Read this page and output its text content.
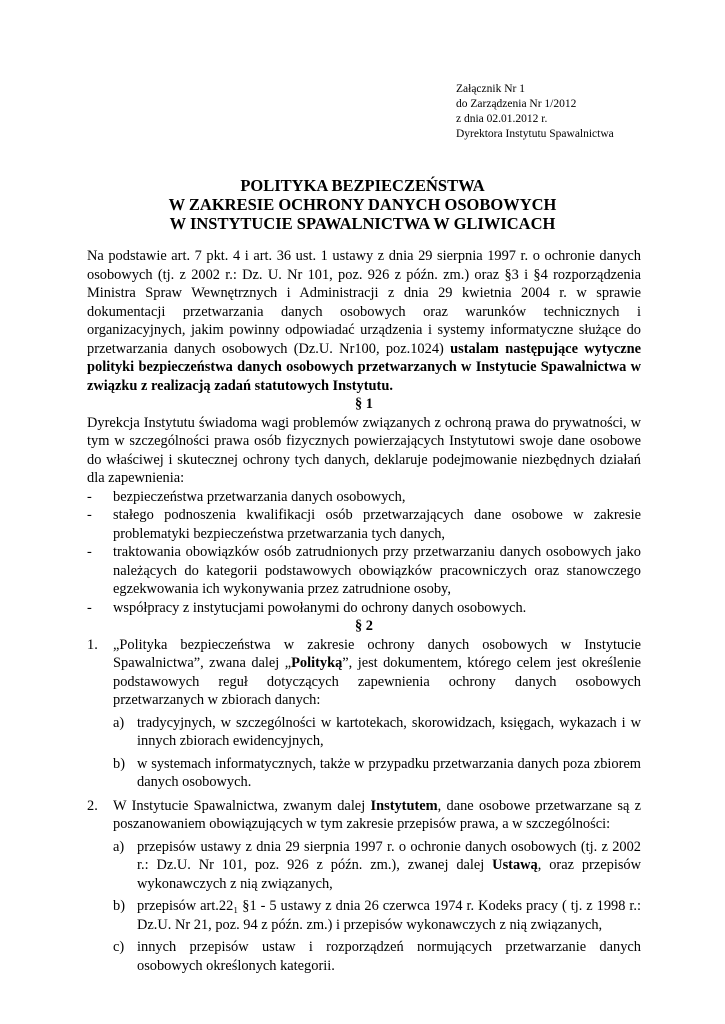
Załącznik Nr 1
do Zarządzenia Nr 1/2012
z dnia 02.01.2012 r.
Dyrektora Instytutu Spawalnictwa
POLITYKA BEZPIECZEŃSTWA
W ZAKRESIE OCHRONY DANYCH OSOBOWYCH
W INSTYTUCIE SPAWALNICTWA W GLIWICACH

Na podstawie art. 7 pkt. 4 i art. 36 ust. 1 ustawy z dnia 29 sierpnia 1997 r. o ochronie danych osobowych (tj. z 2002 r.: Dz. U. Nr 101, poz. 926 z późn. zm.) oraz §3 i §4 rozporządzenia Ministra Spraw Wewnętrznych i Administracji z dnia 29 kwietnia 2004 r. w sprawie dokumentacji przetwarzania danych osobowych oraz warunków technicznych i organizacyjnych, jakim powinny odpowiadać urządzenia i systemy informatyczne służące do przetwarzania danych osobowych (Dz.U. Nr100, poz.1024) ustalam następujące wytyczne polityki bezpieczeństwa danych osobowych przetwarzanych w Instytucie Spawalnictwa w związku z realizacją zadań statutowych Instytutu.

§ 1

Dyrekcja Instytutu świadoma wagi problemów związanych z ochroną prawa do prywatności, w tym w szczególności prawa osób fizycznych powierzających Instytutowi swoje dane osobowe do właściwej i skutecznej ochrony tych danych, deklaruje podejmowanie niezbędnych działań dla zapewnienia:

-	bezpieczeństwa przetwarzania danych osobowych,
-	stałego podnoszenia kwalifikacji osób przetwarzających dane osobowe w zakresie problematyki bezpieczeństwa przetwarzania tych danych,
-	traktowania obowiązków osób zatrudnionych przy przetwarzaniu danych osobowych jako należących do kategorii podstawowych obowiązków pracowniczych oraz stanowczego egzekwowania ich wykonywania przez zatrudnione osoby,
-	współpracy z instytucjami powołanymi do ochrony danych osobowych.

§ 2

1.	„Polityka bezpieczeństwa w zakresie ochrony danych osobowych w Instytucie Spawalnictwa”, zwana dalej „Polityką”, jest dokumentem, którego celem jest określenie podstawowych reguł dotyczących zapewnienia ochrony danych osobowych przetwarzanych w zbiorach danych:
a) tradycyjnych, w szczególności w kartotekach, skorowidzach, księgach, wykazach i w innych zbiorach ewidencyjnych,
b) w systemach informatycznych, także w przypadku przetwarzania danych poza zbiorem danych osobowych.
2.	W Instytucie Spawalnictwa, zwanym dalej Instytutem, dane osobowe przetwarzane są z poszanowaniem obowiązujących w tym zakresie przepisów prawa, a w szczególności:
a) przepisów ustawy z dnia 29 sierpnia 1997 r. o ochronie danych osobowych (tj. z 2002 r.: Dz.U. Nr 101, poz. 926 z późn. zm.), zwanej dalej Ustawą, oraz przepisów wykonawczych z nią związanych,
b) przepisów art.22₁ §1 - 5 ustawy z dnia 26 czerwca 1974 r. Kodeks pracy ( tj. z 1998 r.: Dz.U. Nr 21, poz. 94 z późn. zm.) i przepisów wykonawczych z nią związanych,
c) innych przepisów ustaw i rozporządzeń normujących przetwarzanie danych osobowych określonych kategorii.
